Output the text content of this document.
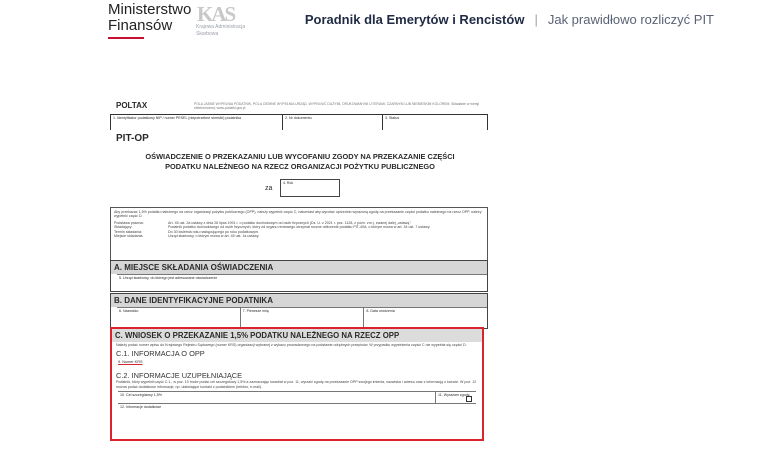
Ministerstwo
Finansów	KAS
Krajowa Administracja
Skarbowa
Poradnik dla Emerytów i Rencistów | Jak prawidłowo rozliczyć PIT
POLTAX	POLA JASNE WYPEŁNIA PODATNIK, POLA CIEMNE WYPEŁNIA URZĄD. WYPEŁNIĆ DUŻYMI, DRUKOWANYMI LITERAMI, CZARNYM LUB NIEBIESKIM KOLOREM. Składanie w wersji elektronicznej: www.podatki.gov.pl
1. Identyfikator podatkowy NIP / numer PESEL (niepotrzebne skreślić) podatnika	2. Nr dokumentu	3. Status
PIT-OP
OŚWIADCZENIE O PRZEKAZANIU LUB WYCOFANIU ZGODY NA PRZEKAZANIE CZĘŚCI PODATKU NALEŻNEGO NA RZECZ ORGANIZACJI POŻYTKU PUBLICZNEGO
za
4. Rok
Aby przekazać 1,5% podatku należnego na rzecz organizacji pożytku publicznego (OPP), należy wypełnić część C, natomiast aby wycofać uprzednio wyrażoną zgodę na przekazanie części podatku należnego na rzecz OPP, należy wypełnić część D.
Podstawa prawna:	Art. 45 ust. 2a ustawy z dnia 26 lipca 1991 r. o podatku dochodowym od osób fizycznych (Dz. U. z 2021 r. poz. 1128, z późn. zm.), zwanej dalej „ustawą”.
Składający:	Podatnik podatku dochodowego od osób fizycznych, który od organu rentowego otrzymał roczne obliczenie podatku PIT-40A, o którym mowa w art. 34 ust. 7 ustawy.
Termin składania:	Do 30 kwietnia roku następującego po roku podatkowym.
Miejsce składania:	Urząd skarbowy, o którym mowa w art. 45 ust. 1a ustawy.
A. MIEJSCE SKŁADANIA OŚWIADCZENIA
5. Urząd skarbowy, do którego jest adresowane oświadczenie
B. DANE IDENTYFIKACYJNE PODATNIKA
6. Nazwisko	7. Pierwsze imię	8. Data urodzenia
C. WNIOSEK O PRZEKAZANIE 1,5% PODATKU NALEŻNEGO NA RZECZ OPP
Należy podać numer wpisu do Krajowego Rejestru Sądowego (numer KRS) organizacji wybranej z wykazu prowadzonego na podstawie odrębnych przepisów. W przypadku wypełnienia części C nie wypełnia się części D.
C.1. INFORMACJA O OPP
9. Numer KRS
C.2. INFORMACJE UZUPEŁNIAJĄCE
Podatnik, który wypełnił część C.1., w poz. 10 może podać cel szczegółowy 1,5% a zaznaczając kwadrat w poz. 11, wyrazić zgodę na przekazanie OPP swojego imienia, nazwiska i adresu oraz z informacją o kwocie. W poz. 12 można podać dodatkowe informacje, np. ułatwiające kontakt z podatnikiem (telefon, e-mail).
10. Cel szczegółowy 1,5%	11. Wyrażam zgodę
12. Informacje dodatkowe
